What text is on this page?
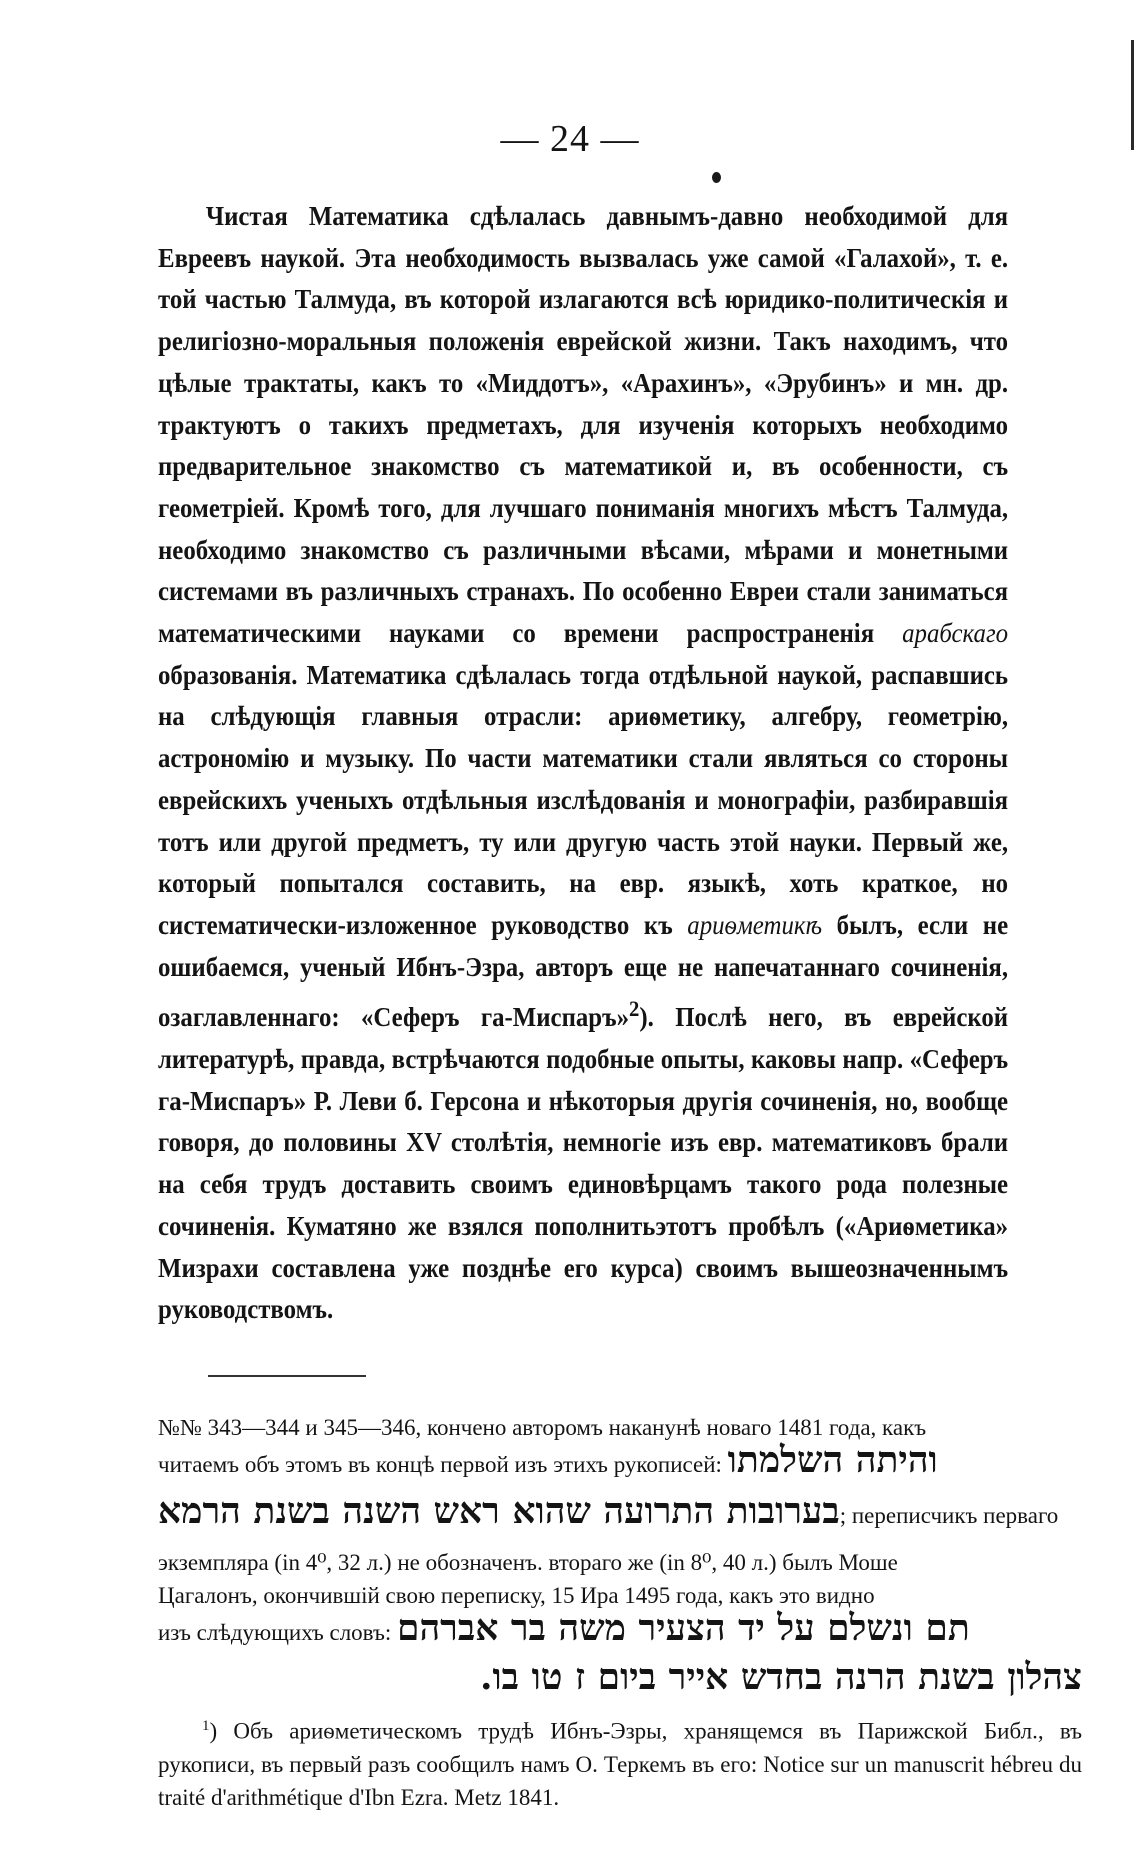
— 24 —
Чистая Математика сдѣлалась давнымъ-давно необходимой для Евреевъ наукой. Эта необходимость вызвалась уже самой «Галахой», т. е. той частью Талмуда, въ которой излагаются всѣ юридико-политическія и религіозно-моральныя положенія еврейской жизни. Такъ находимъ, что цѣлые трактаты, какъ то «Миддотъ», «Арахинъ», «Эрубинъ» и мн. др. трактуютъ о такихъ предметахъ, для изученія которыхъ необходимо предварительное знакомство съ математикой и, въ особенности, съ геометріей. Кромѣ того, для лучшаго пониманія многихъ мѣстъ Талмуда, необходимо знакомство съ различными вѣсами, мѣрами и монетными системами въ различныхъ странахъ. По особенно Евреи стали заниматься математическими науками со времени распространенія арабскаго образованія. Математика сдѣлалась тогда отдѣльной наукой, распавшись на слѣдующія главныя отрасли: ариѳметику, алгебру, геометрію, астрономію и музыку. По части математики стали являться со стороны еврейскихъ ученыхъ отдѣльныя изслѣдованія и монографіи, разбиравшія тотъ или другой предметъ, ту или другую часть этой науки. Первый же, который попытался составить, на евр. языкѣ, хоть краткое, но систематически-изложенное руководство къ ариѳметикѣ былъ, если не ошибаемся, ученый Ибнъ-Эзра, авторъ еще не напечатаннаго сочиненія, озаглавленнаго: «Сеферъ га-Миспаръ»$^2$). Послѣ него, въ еврейской литературѣ, правда, встрѣчаются подобные опыты, каковы напр. «Сеферъ га-Миспаръ» Р. Леви б. Герсона и нѣкоторыя другія сочиненія, но, вообще говоря, до половины XV столѣтія, немногіе изъ евр. математиковъ брали на себя трудъ доставить своимъ единовѣрцамъ такого рода полезные сочиненія. Куматяно же взялся пополнитьэтотъ пробѣлъ («Ариѳметика» Мизрахи составлена уже позднѣе его курса) своимъ вышеозначеннымъ руководствомъ.
№№ 343—344 и 345—346, кончено авторомъ наканунѣ новаго 1481 года, какъ
читаемъ объ этомъ въ концѣ первой изъ этихъ рукописей: והיתה השלמתו
בערובות התרועה שהוא ראש השנה בשנת הרמא; переписчикъ перваго
экземпляра (in 4⁰, 32 л.) не обозначенъ. втораго же (in 8⁰, 40 л.) былъ Моше
Цагалонъ, окончившій свою переписку, 15 Ира 1495 года, какъ это видно
изъ слѣдующихъ словъ: תם ונשלם על יד הצעיר משה בר אברהם
צהלון בשנת הרנה בחדש אייר ביום ז טו בו.
$^1$) Объ ариѳметическомъ трудѣ Ибнъ-Эзры, хранящемся въ Парижской Библ., въ рукописи, въ первый разъ сообщилъ намъ О. Теркемъ въ его: Notice sur un manuscrit hébreu du traité d'arithmétique d'Ibn Ezra. Metz 1841.
